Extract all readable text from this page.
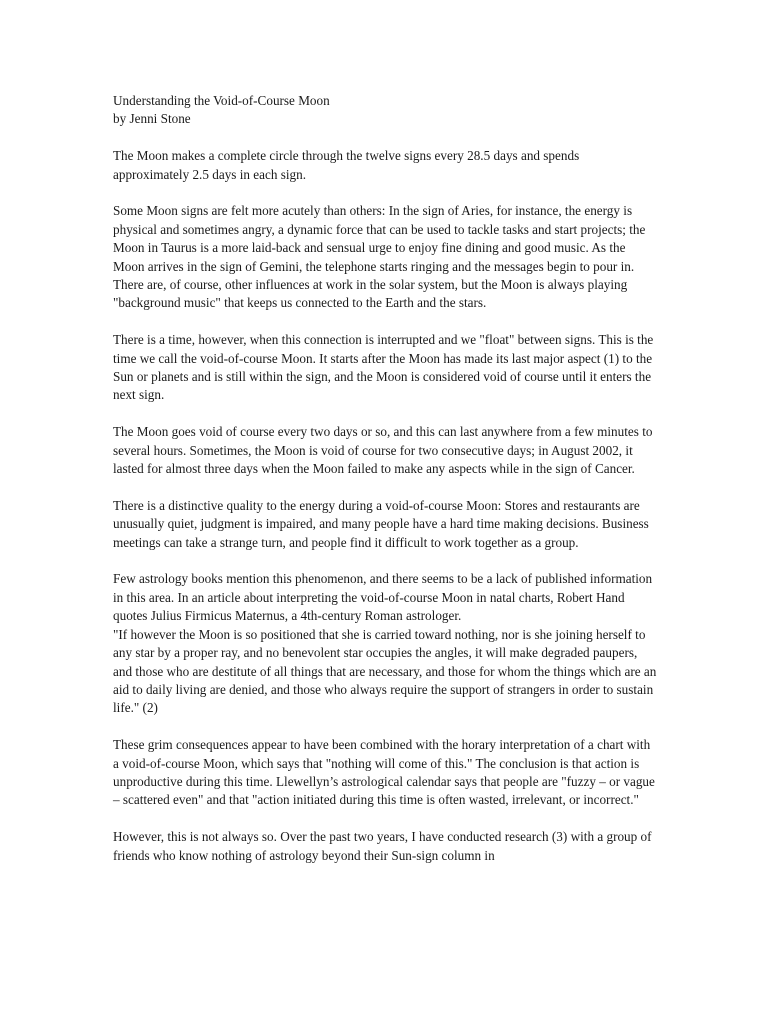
Understanding the Void-of-Course Moon
by Jenni Stone

The Moon makes a complete circle through the twelve signs every 28.5 days and spends approximately 2.5 days in each sign.

Some Moon signs are felt more acutely than others: In the sign of Aries, for instance, the energy is physical and sometimes angry, a dynamic force that can be used to tackle tasks and start projects; the Moon in Taurus is a more laid-back and sensual urge to enjoy fine dining and good music. As the Moon arrives in the sign of Gemini, the telephone starts ringing and the messages begin to pour in. There are, of course, other influences at work in the solar system, but the Moon is always playing "background music" that keeps us connected to the Earth and the stars.

There is a time, however, when this connection is interrupted and we "float" between signs. This is the time we call the void-of-course Moon. It starts after the Moon has made its last major aspect (1) to the Sun or planets and is still within the sign, and the Moon is considered void of course until it enters the next sign.

The Moon goes void of course every two days or so, and this can last anywhere from a few minutes to several hours. Sometimes, the Moon is void of course for two consecutive days; in August 2002, it lasted for almost three days when the Moon failed to make any aspects while in the sign of Cancer.

There is a distinctive quality to the energy during a void-of-course Moon: Stores and restaurants are unusually quiet, judgment is impaired, and many people have a hard time making decisions. Business meetings can take a strange turn, and people find it difficult to work together as a group.

Few astrology books mention this phenomenon, and there seems to be a lack of published information in this area. In an article about interpreting the void-of-course Moon in natal charts, Robert Hand quotes Julius Firmicus Maternus, a 4th-century Roman astrologer.
"If however the Moon is so positioned that she is carried toward nothing, nor is she joining herself to any star by a proper ray, and no benevolent star occupies the angles, it will make degraded paupers, and those who are destitute of all things that are necessary, and those for whom the things which are an aid to daily living are denied, and those who always require the support of strangers in order to sustain life." (2)

These grim consequences appear to have been combined with the horary interpretation of a chart with a void-of-course Moon, which says that "nothing will come of this." The conclusion is that action is unproductive during this time. Llewellyn’s astrological calendar says that people are "fuzzy – or vague – scattered even" and that "action initiated during this time is often wasted, irrelevant, or incorrect."

However, this is not always so. Over the past two years, I have conducted research (3) with a group of friends who know nothing of astrology beyond their Sun-sign column in
